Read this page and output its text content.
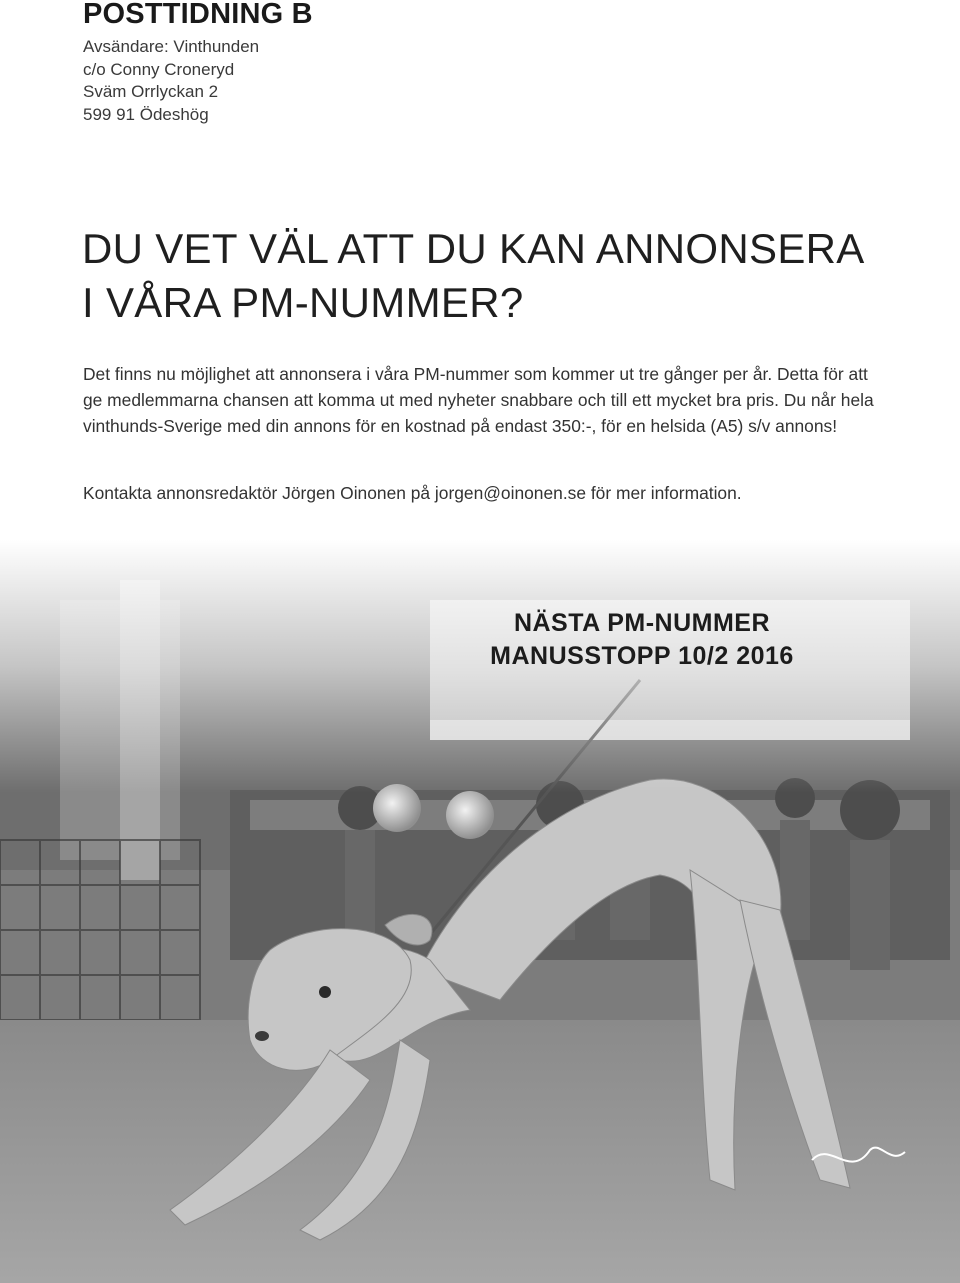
POSTTIDNING B
Avsändare: Vinthunden
c/o Conny Croneryd
Sväm Orrlyckan 2
599 91 Ödeshög
DU VET VÄL ATT DU KAN ANNONSERA
I VÅRA PM-NUMMER?

Det finns nu möjlighet att annonsera i våra PM-nummer som kommer ut tre gånger per år. Detta för att ge medlemmarna chansen att komma ut med nyheter snabbare och till ett mycket bra pris. Du når hela vinthunds-Sverige med din annons för en kostnad på endast 350:-, för en helsida (A5) s/v annons!

Kontakta annonsredaktör Jörgen Oinonen på jorgen@oinonen.se för mer information.

NÄSTA PM-NUMMER
MANUSSTOPP 10/2 2016
